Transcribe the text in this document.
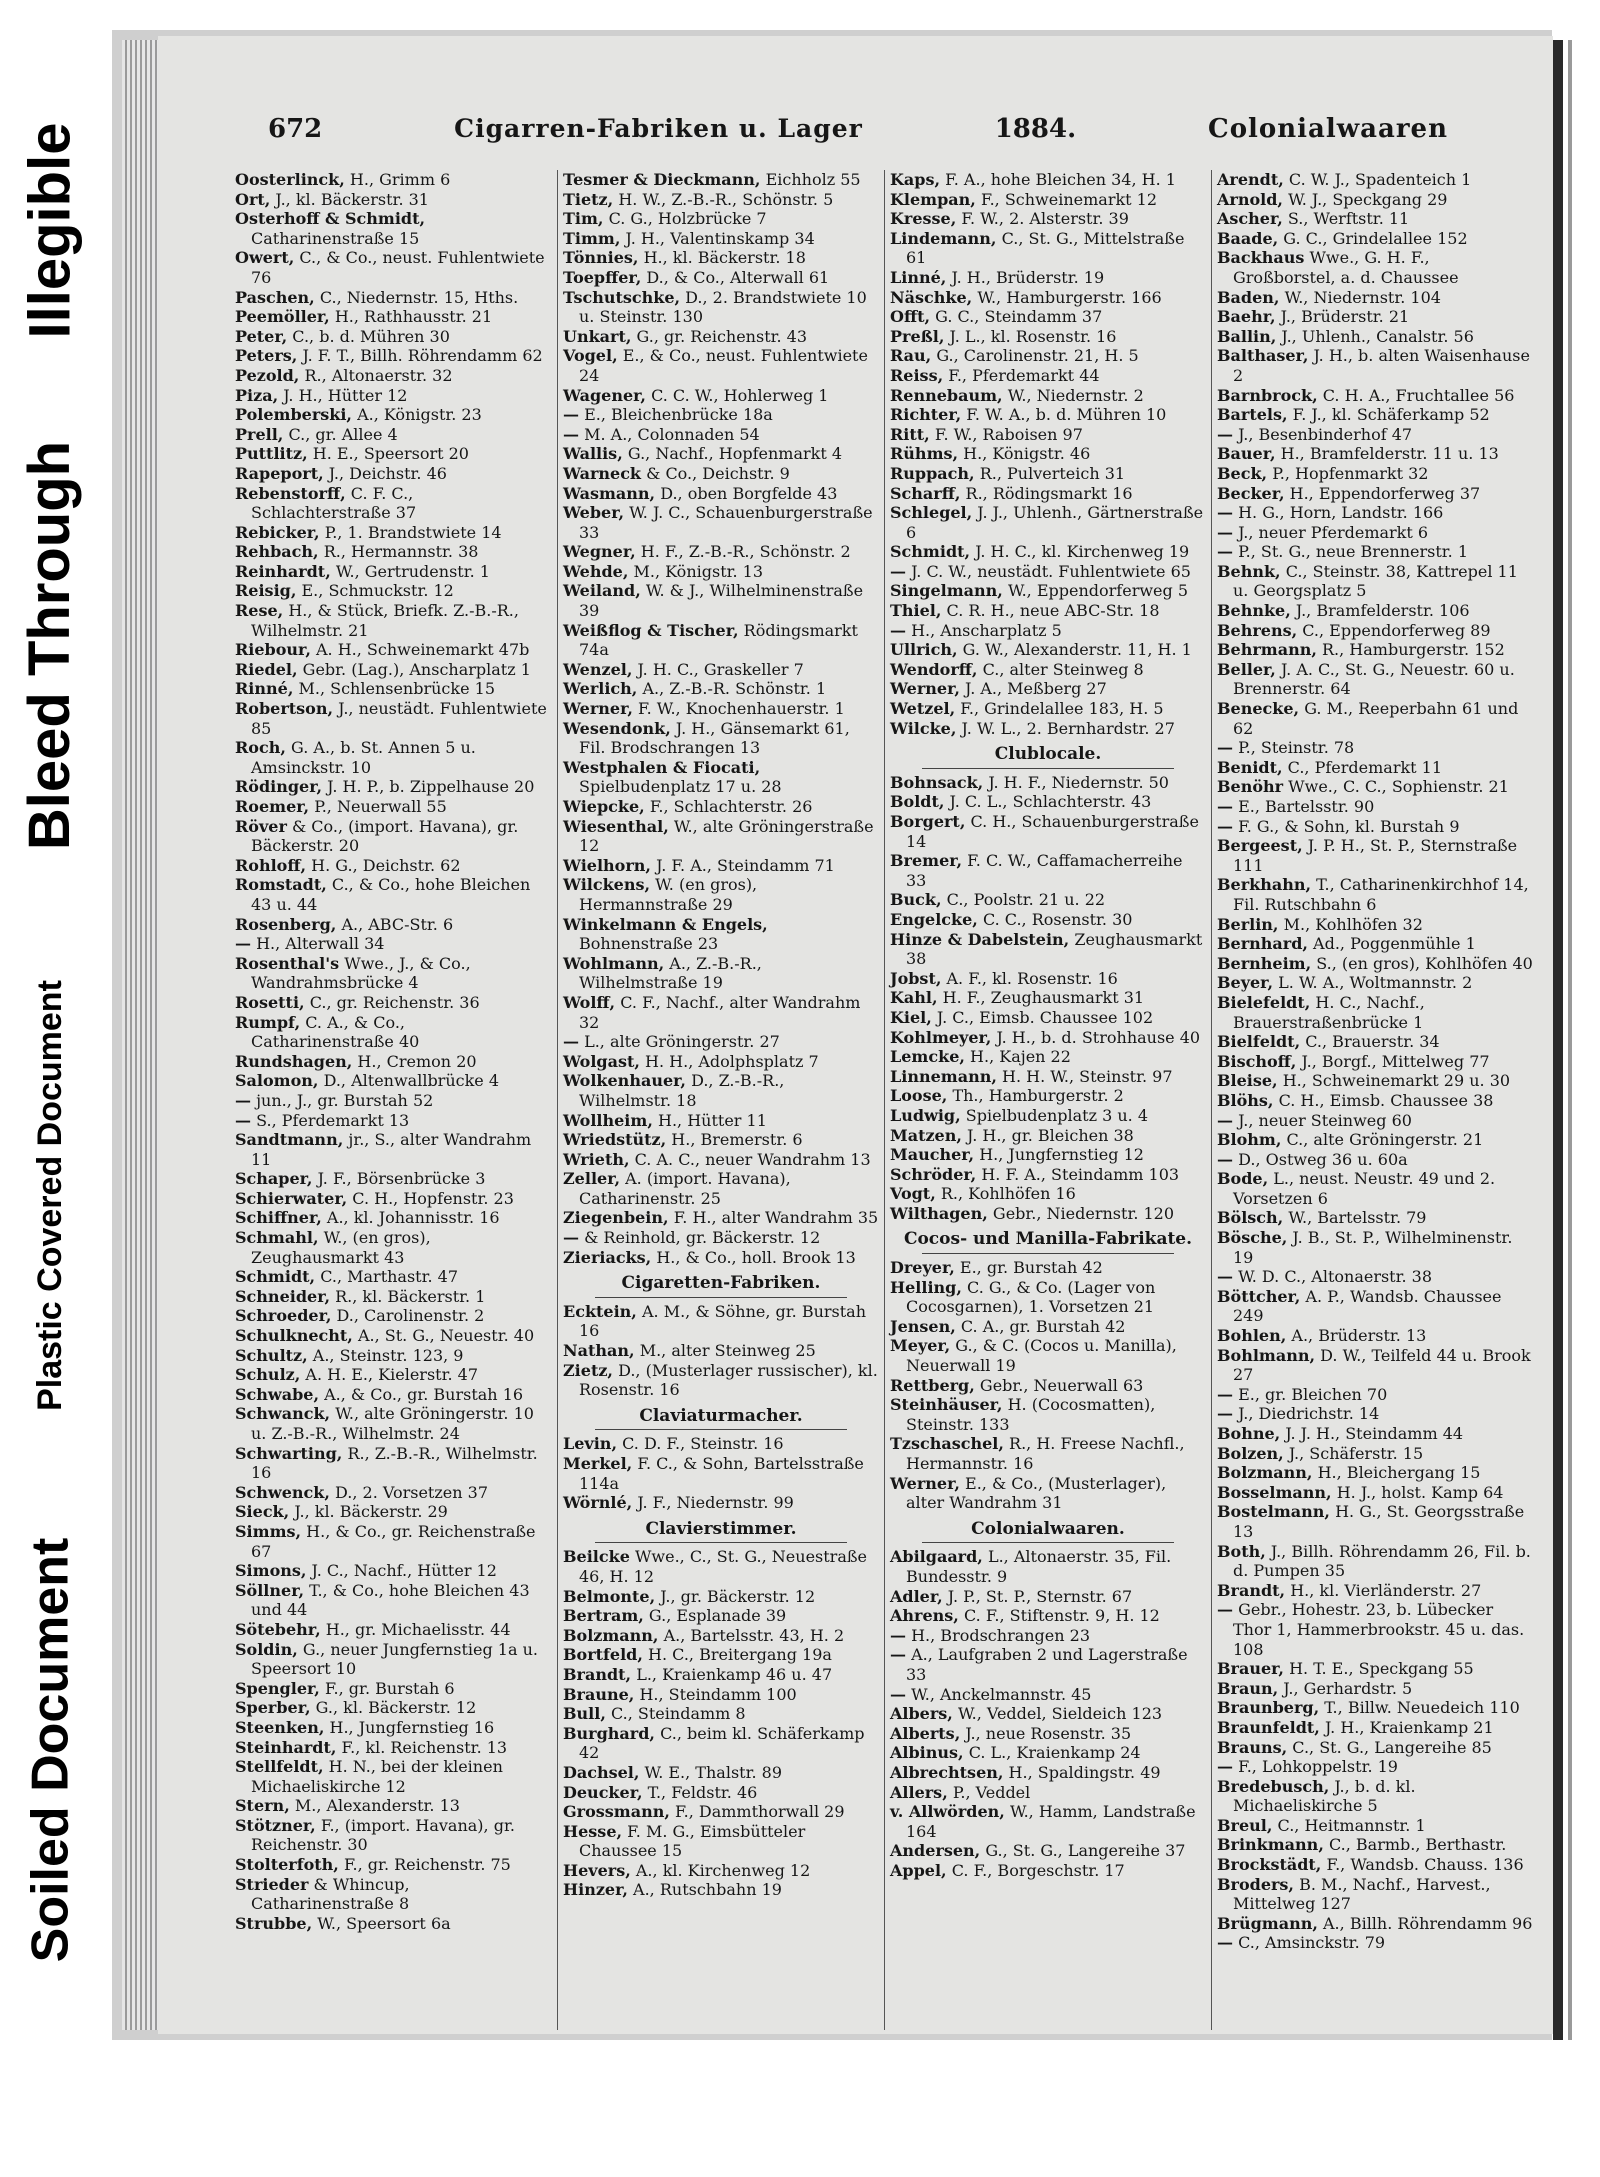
Illegible
Bleed Through
Plastic Covered Document
Soiled Document
672	Cigarren-Fabriken u. Lager	1884.	Colonialwaaren

Oosterlinck, H., Grimm 6

Ort, J., kl. Bäckerstr. 31

Osterhoff & Schmidt, Catharinenstraße 15

Owert, C., & Co., neust. Fuhlentwiete 76

Paschen, C., Niedernstr. 15, Hths.

Peemöller, H., Rathhausstr. 21

Peter, C., b. d. Mühren 30

Peters, J. F. T., Billh. Röhrendamm 62

Pezold, R., Altonaerstr. 32

Piza, J. H., Hütter 12

Polemberski, A., Königstr. 23

Prell, C., gr. Allee 4

Puttlitz, H. E., Speersort 20

Rapeport, J., Deichstr. 46

Rebenstorff, C. F. C., Schlachterstraße 37

Rebicker, P., 1. Brandstwiete 14

Rehbach, R., Hermannstr. 38

Reinhardt, W., Gertrudenstr. 1

Reisig, E., Schmuckstr. 12

Rese, H., & Stück, Briefk. Z.-B.-R., Wilhelmstr. 21

Riebour, A. H., Schweinemarkt 47b

Riedel, Gebr. (Lag.), Anscharplatz 1

Rinné, M., Schlensenbrücke 15

Robertson, J., neustädt. Fuhlentwiete 85

Roch, G. A., b. St. Annen 5 u. Amsinckstr. 10

Rödinger, J. H. P., b. Zippelhause 20

Roemer, P., Neuerwall 55

Röver & Co., (import. Havana), gr. Bäckerstr. 20

Rohloff, H. G., Deichstr. 62

Romstadt, C., & Co., hohe Bleichen 43 u. 44

Rosenberg, A., ABC-Str. 6

— H., Alterwall 34

Rosenthal's Wwe., J., & Co., Wandrahmsbrücke 4

Rosetti, C., gr. Reichenstr. 36

Rumpf, C. A., & Co., Catharinenstraße 40

Rundshagen, H., Cremon 20

Salomon, D., Altenwallbrücke 4

— jun., J., gr. Burstah 52

— S., Pferdemarkt 13

Sandtmann, jr., S., alter Wandrahm 11

Schaper, J. F., Börsenbrücke 3

Schierwater, C. H., Hopfenstr. 23

Schiffner, A., kl. Johannisstr. 16

Schmahl, W., (en gros), Zeughausmarkt 43

Schmidt, C., Marthastr. 47

Schneider, R., kl. Bäckerstr. 1

Schroeder, D., Carolinenstr. 2

Schulknecht, A., St. G., Neuestr. 40

Schultz, A., Steinstr. 123, 9

Schulz, A. H. E., Kielerstr. 47

Schwabe, A., & Co., gr. Burstah 16

Schwanck, W., alte Gröningerstr. 10 u. Z.-B.-R., Wilhelmstr. 24

Schwarting, R., Z.-B.-R., Wilhelmstr. 16

Schwenck, D., 2. Vorsetzen 37

Sieck, J., kl. Bäckerstr. 29

Simms, H., & Co., gr. Reichenstraße 67

Simons, J. C., Nachf., Hütter 12

Söllner, T., & Co., hohe Bleichen 43 und 44

Sötebehr, H., gr. Michaelisstr. 44

Soldin, G., neuer Jungfernstieg 1a u. Speersort 10

Spengler, F., gr. Burstah 6

Sperber, G., kl. Bäckerstr. 12

Steenken, H., Jungfernstieg 16

Steinhardt, F., kl. Reichenstr. 13

Stellfeldt, H. N., bei der kleinen Michaeliskirche 12

Stern, M., Alexanderstr. 13

Stötzner, F., (import. Havana), gr. Reichenstr. 30

Stolterfoth, F., gr. Reichenstr. 75

Strieder & Whinсup, Catharinenstraße 8

Strubbe, W., Speersort 6a

Tesmer & Dieckmann, Eichholz 55

Tietz, H. W., Z.-B.-R., Schönstr. 5

Tim, C. G., Holzbrücke 7

Timm, J. H., Valentinskamp 34

Tönnies, H., kl. Bäckerstr. 18

Toepffer, D., & Co., Alterwall 61

Tschutschke, D., 2. Brandstwiete 10 u. Steinstr. 130

Unkart, G., gr. Reichenstr. 43

Vogel, E., & Co., neust. Fuhlentwiete 24

Wagener, C. C. W., Hohlerweg 1

— E., Bleichenbrücke 18a

— M. A., Colonnaden 54

Wallis, G., Nachf., Hopfenmarkt 4

Warneck & Co., Deichstr. 9

Wasmann, D., oben Borgfelde 43

Weber, W. J. C., Schauenburgerstraße 33

Wegner, H. F., Z.-B.-R., Schönstr. 2

Wehde, M., Königstr. 13

Weiland, W. & J., Wilhelminenstraße 39

Weißflog & Tischer, Rödingsmarkt 74a

Wenzel, J. H. C., Graskeller 7

Werlich, A., Z.-B.-R. Schönstr. 1

Werner, F. W., Knochenhauerstr. 1

Wesendonk, J. H., Gänsemarkt 61, Fil. Brodschrangen 13

Westphalen & Fiocati, Spielbudenplatz 17 u. 28

Wiepcke, F., Schlachterstr. 26

Wiesenthal, W., alte Gröningerstraße 12

Wielhorn, J. F. A., Steindamm 71

Wilckens, W. (en gros), Hermannstraße 29

Winkelmann & Engels, Bohnenstraße 23

Wohlmann, A., Z.-B.-R., Wilhelmstraße 19

Wolff, C. F., Nachf., alter Wandrahm 32

— L., alte Gröningerstr. 27

Wolgast, H. H., Adolphsplatz 7

Wolkenhauer, D., Z.-B.-R., Wilhelmstr. 18

Wollheim, H., Hütter 11

Wriedstütz, H., Bremerstr. 6

Wrieth, C. A. C., neuer Wandrahm 13

Zeller, A. (import. Havana), Catharinenstr. 25

Ziegenbein, F. H., alter Wandrahm 35

— & Reinhold, gr. Bäckerstr. 12

Zieriacks, H., & Co., holl. Brook 13

Cigaretten-Fabriken.

Ecktein, A. M., & Söhne, gr. Burstah 16

Nathan, M., alter Steinweg 25

Zietz, D., (Musterlager russischer), kl. Rosenstr. 16

Claviaturmacher.

Levin, C. D. F., Steinstr. 16

Merkel, F. C., & Sohn, Bartelsstraße 114a

Wörnlé, J. F., Niedernstr. 99

Clavierstimmer.

Beilcke Wwe., C., St. G., Neuestraße 46, H. 12

Belmonte, J., gr. Bäckerstr. 12

Bertram, G., Esplanade 39

Bolzmann, A., Bartelsstr. 43, H. 2

Bortfeld, H. C., Breitergang 19a

Brandt, L., Kraienkamp 46 u. 47

Braune, H., Steindamm 100

Bull, C., Steindamm 8

Burghard, C., beim kl. Schäferkamp 42

Dachsel, W. E., Thalstr. 89

Deucker, T., Feldstr. 46

Grossmann, F., Dammthorwall 29

Hesse, F. M. G., Eimsbütteler Chaussee 15

Hevers, A., kl. Kirchenweg 12

Hinzer, A., Rutschbahn 19

Kaps, F. A., hohe Bleichen 34, H. 1

Klempan, F., Schweinemarkt 12

Kresse, F. W., 2. Alsterstr. 39

Lindemann, C., St. G., Mittelstraße 61

Linné, J. H., Brüderstr. 19

Näschke, W., Hamburgerstr. 166

Offt, G. C., Steindamm 37

Preßl, J. L., kl. Rosenstr. 16

Rau, G., Carolinenstr. 21, H. 5

Reiss, F., Pferdemarkt 44

Rennebaum, W., Niedernstr. 2

Richter, F. W. A., b. d. Mühren 10

Ritt, F. W., Raboisen 97

Rühms, H., Königstr. 46

Ruppach, R., Pulverteich 31

Scharff, R., Rödingsmarkt 16

Schlegel, J. J., Uhlenh., Gärtnerstraße 6

Schmidt, J. H. C., kl. Kirchenweg 19

— J. C. W., neustädt. Fuhlentwiete 65

Singelmann, W., Eppendorferweg 5

Thiel, C. R. H., neue ABC-Str. 18

— H., Anscharplatz 5

Ullrich, G. W., Alexanderstr. 11, H. 1

Wendorff, C., alter Steinweg 8

Werner, J. A., Meßberg 27

Wetzel, F., Grindelallee 183, H. 5

Wilcke, J. W. L., 2. Bernhardstr. 27

Clublocale.

Bohnsack, J. H. F., Niedernstr. 50

Boldt, J. C. L., Schlachterstr. 43

Borgert, C. H., Schauenburgerstraße 14

Bremer, F. C. W., Caffamacherreihe 33

Buck, C., Poolstr. 21 u. 22

Engelcke, C. C., Rosenstr. 30

Hinze & Dabelstein, Zeughausmarkt 38

Jobst, A. F., kl. Rosenstr. 16

Kahl, H. F., Zeughausmarkt 31

Kiel, J. C., Eimsb. Chaussee 102

Kohlmeyer, J. H., b. d. Strohhause 40

Lemcke, H., Kajen 22

Linnemann, H. H. W., Steinstr. 97

Loose, Th., Hamburgerstr. 2

Ludwig, Spielbudenplatz 3 u. 4

Matzen, J. H., gr. Bleichen 38

Maucher, H., Jungfernstieg 12

Schröder, H. F. A., Steindamm 103

Vogt, R., Kohlhöfen 16

Wilthagen, Gebr., Niedernstr. 120

Cocos- und Manilla-Fabrikate.

Dreyer, E., gr. Burstah 42

Helling, C. G., & Co. (Lager von Cocosgarnen), 1. Vorsetzen 21

Jensen, C. A., gr. Burstah 42

Meyer, G., & C. (Cocos u. Manilla), Neuerwall 19

Rettberg, Gebr., Neuerwall 63

Steinhäuser, H. (Cocosmatten), Steinstr. 133

Tzschaschel, R., H. Freese Nachfl., Hermannstr. 16

Werner, E., & Co., (Musterlager), alter Wandrahm 31

Colonialwaaren.

Abilgaard, L., Altonaerstr. 35, Fil. Bundesstr. 9

Adler, J. P., St. P., Sternstr. 67

Ahrens, C. F., Stiftenstr. 9, H. 12

— H., Brodschrangen 23

— A., Laufgraben 2 und Lagerstraße 33

— W., Anckelmannstr. 45

Albers, W., Veddel, Sieldeich 123

Alberts, J., neue Rosenstr. 35

Albinus, C. L., Kraienkamp 24

Albrechtsen, H., Spaldingstr. 49

Allers, P., Veddel

v. Allwörden, W., Hamm, Landstraße 164

Andersen, G., St. G., Langereihe 37

Appel, C. F., Borgeschstr. 17

Arendt, C. W. J., Spadenteich 1

Arnold, W. J., Speckgang 29

Ascher, S., Werftstr. 11

Baade, G. C., Grindelallee 152

Backhaus Wwe., G. H. F., Großborstel, a. d. Chaussee

Baden, W., Niedernstr. 104

Baehr, J., Brüderstr. 21

Ballin, J., Uhlenh., Canalstr. 56

Balthaser, J. H., b. alten Waisenhause 2

Barnbrock, C. H. A., Fruchtallee 56

Bartels, F. J., kl. Schäferkamp 52

— J., Besenbinderhof 47

Bauer, H., Bramfelderstr. 11 u. 13

Beck, P., Hopfenmarkt 32

Becker, H., Eppendorferweg 37

— H. G., Horn, Landstr. 166

— J., neuer Pferdemarkt 6

— P., St. G., neue Brennerstr. 1

Behnk, C., Steinstr. 38, Kattrepel 11 u. Georgsplatz 5

Behnke, J., Bramfelderstr. 106

Behrens, C., Eppendorferweg 89

Behrmann, R., Hamburgerstr. 152

Beller, J. A. C., St. G., Neuestr. 60 u. Brennerstr. 64

Benecke, G. M., Reeperbahn 61 und 62

— P., Steinstr. 78

Benidt, C., Pferdemarkt 11

Benöhr Wwe., C. C., Sophienstr. 21

— E., Bartelsstr. 90

— F. G., & Sohn, kl. Burstah 9

Bergeest, J. P. H., St. P., Sternstraße 111

Berkhahn, T., Catharinenkirchhof 14, Fil. Rutschbahn 6

Berlin, M., Kohlhöfen 32

Bernhard, Ad., Poggenmühle 1

Bernheim, S., (en gros), Kohlhöfen 40

Beyer, L. W. A., Woltmannstr. 2

Bielefeldt, H. C., Nachf., Brauerstraßenbrücke 1

Bielfeldt, C., Brauerstr. 34

Bischoff, J., Borgf., Mittelweg 77

Bleise, H., Schweinemarkt 29 u. 30

Blöhs, C. H., Eimsb. Chaussee 38

— J., neuer Steinweg 60

Blohm, C., alte Gröningerstr. 21

— D., Ostweg 36 u. 60a

Bode, L., neust. Neustr. 49 und 2. Vorsetzen 6

Bölsch, W., Bartelsstr. 79

Bösche, J. B., St. P., Wilhelminenstr. 19

— W. D. C., Altonaerstr. 38

Böttcher, A. P., Wandsb. Chaussee 249

Bohlen, A., Brüderstr. 13

Bohlmann, D. W., Teilfeld 44 u. Brook 27

— E., gr. Bleichen 70

— J., Diedrichstr. 14

Bohne, J. J. H., Steindamm 44

Bolzen, J., Schäferstr. 15

Bolzmann, H., Bleichergang 15

Bosselmann, H. J., holst. Kamp 64

Bostelmann, H. G., St. Georgsstraße 13

Both, J., Billh. Röhrendamm 26, Fil. b. d. Pumpen 35

Brandt, H., kl. Vierländerstr. 27

— Gebr., Hohestr. 23, b. Lübecker Thor 1, Hammerbrookstr. 45 u. das. 108

Brauer, H. T. E., Speckgang 55

Braun, J., Gerhardstr. 5

Braunberg, T., Billw. Neuedeich 110

Braunfeldt, J. H., Kraienkamp 21

Brauns, C., St. G., Langereihe 85

— F., Lohkoppelstr. 19

Bredebusch, J., b. d. kl. Michaeliskirche 5

Breul, C., Heitmannstr. 1

Brinkmann, C., Barmb., Berthastr.

Brockstädt, F., Wandsb. Chauss. 136

Broders, B. M., Nachf., Harvest., Mittelweg 127

Brügmann, A., Billh. Röhrendamm 96

— C., Amsinckstr. 79
